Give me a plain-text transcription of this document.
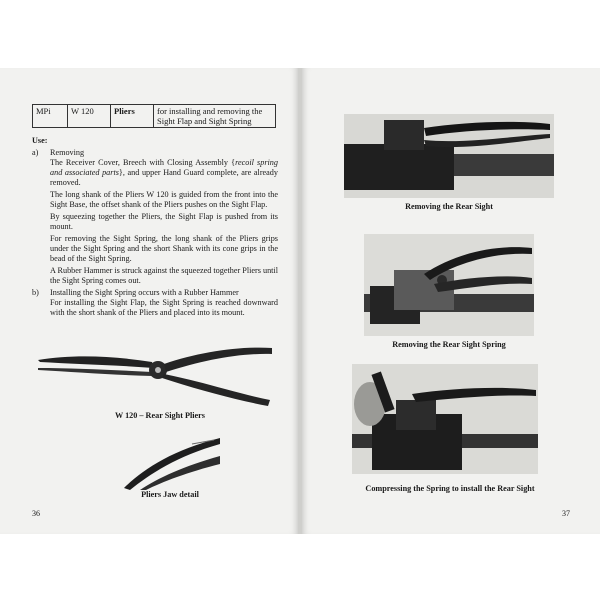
MPi	W 120	Pliers	for installing and removing the Sight Flap and Sight Spring

Use:

a)	Removing

The Receiver Cover, Breech with Closing Assembly {recoil spring and associated parts}, and upper Hand Guard complete, are already removed.

The long shank of the Pliers W 120 is guided from the front into the Sight Base, the offset shank of the Pliers pushes on the Sight Flap.

By squeezing together the Pliers, the Sight Flap is pushed from its mount.

For removing the Sight Spring, the long shank of the Pliers grips under the Sight Spring and the short Shank with its cone grips in the bead of the Sight Spring.

A Rubber Hammer is struck against the squeezed together Pliers until the Sight Spring comes out.

b)	Installing the Sight Spring occurs with a Rubber Hammer

For installing the Sight Flap, the Sight Spring is reached downward with the short shank of the Pliers and placed into its mount.

W 120 – Rear Sight Pliers
Pliers Jaw detail
36
Removing the Rear Sight
Removing the Rear Sight Spring
Compressing the Spring to install the Rear Sight
37
